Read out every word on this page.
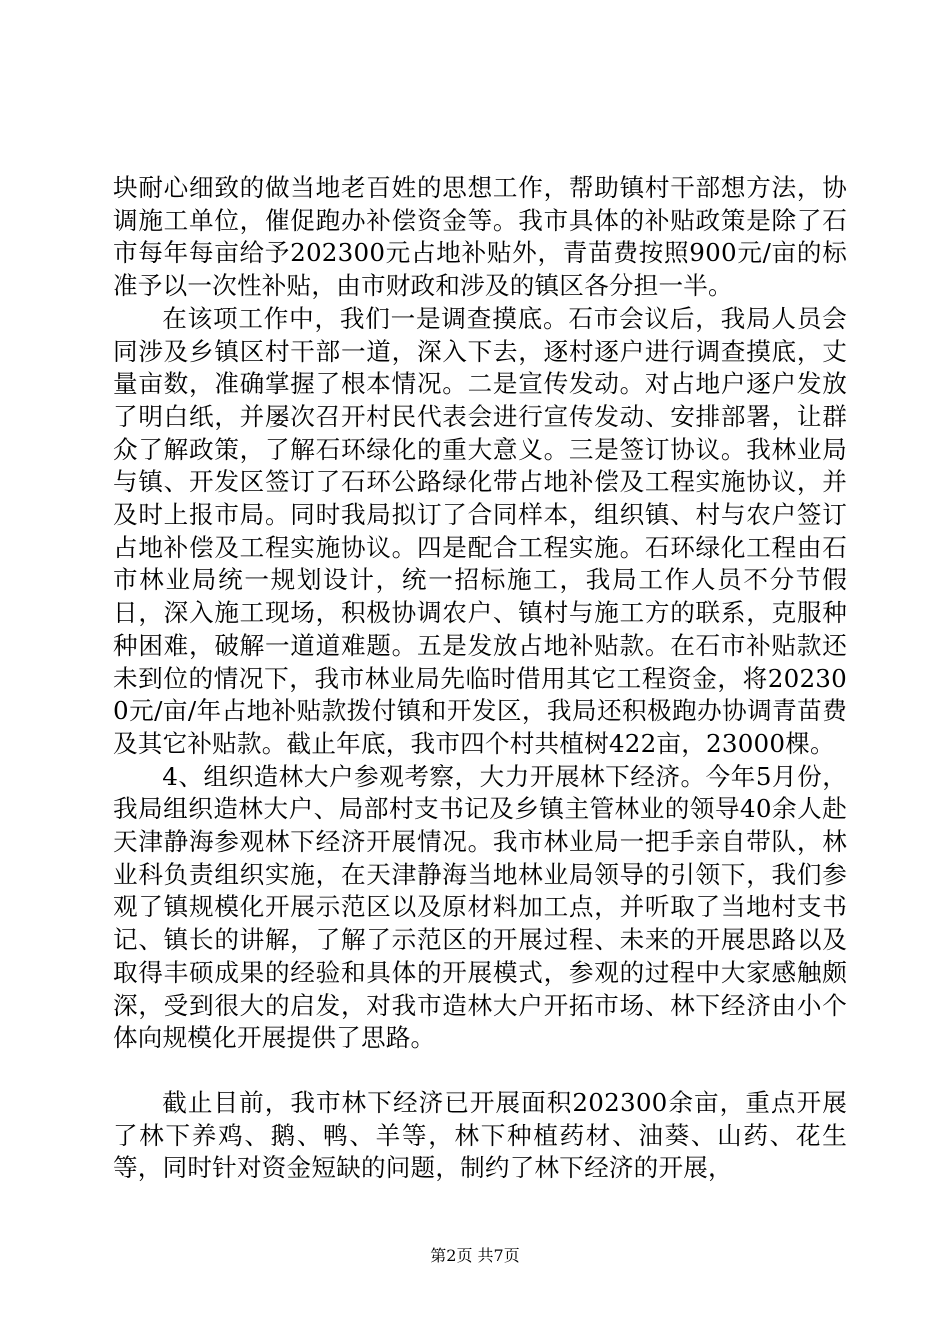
块耐心细致的做当地老百姓的思想工作，帮助镇村干部想方法，协调施工单位，催促跑办补偿资金等。我市具体的补贴政策是除了石市每年每亩给予202300元占地补贴外，青苗费按照900元/亩的标准予以一次性补贴，由市财政和涉及的镇区各分担一半。

在该项工作中，我们一是调查摸底。石市会议后，我局人员会同涉及乡镇区村干部一道，深入下去，逐村逐户进行调查摸底，丈量亩数，准确掌握了根本情况。二是宣传发动。对占地户逐户发放了明白纸，并屡次召开村民代表会进行宣传发动、安排部署，让群众了解政策，了解石环绿化的重大意义。三是签订协议。我林业局与镇、开发区签订了石环公路绿化带占地补偿及工程实施协议，并及时上报市局。同时我局拟订了合同样本，组织镇、村与农户签订占地补偿及工程实施协议。四是配合工程实施。石环绿化工程由石市林业局统一规划设计，统一招标施工，我局工作人员不分节假日，深入施工现场，积极协调农户、镇村与施工方的联系，克服种种困难，破解一道道难题。五是发放占地补贴款。在石市补贴款还未到位的情况下，我市林业局先临时借用其它工程资金，将202300元/亩/年占地补贴款拨付镇和开发区，我局还积极跑办协调青苗费及其它补贴款。截止年底，我市四个村共植树422亩，23000棵。

4、组织造林大户参观考察，大力开展林下经济。今年5月份，我局组织造林大户、局部村支书记及乡镇主管林业的领导40余人赴天津静海参观林下经济开展情况。我市林业局一把手亲自带队，林业科负责组织实施，在天津静海当地林业局领导的引领下，我们参观了镇规模化开展示范区以及原材料加工点，并听取了当地村支书记、镇长的讲解，了解了示范区的开展过程、未来的开展思路以及取得丰硕成果的经验和具体的开展模式，参观的过程中大家感触颇深，受到很大的启发，对我市造林大户开拓市场、林下经济由小个体向规模化开展提供了思路。

截止目前，我市林下经济已开展面积202300余亩，重点开展了林下养鸡、鹅、鸭、羊等，林下种植药材、油葵、山药、花生等，同时针对资金短缺的问题，制约了林下经济的开展，

第2页 共7页
